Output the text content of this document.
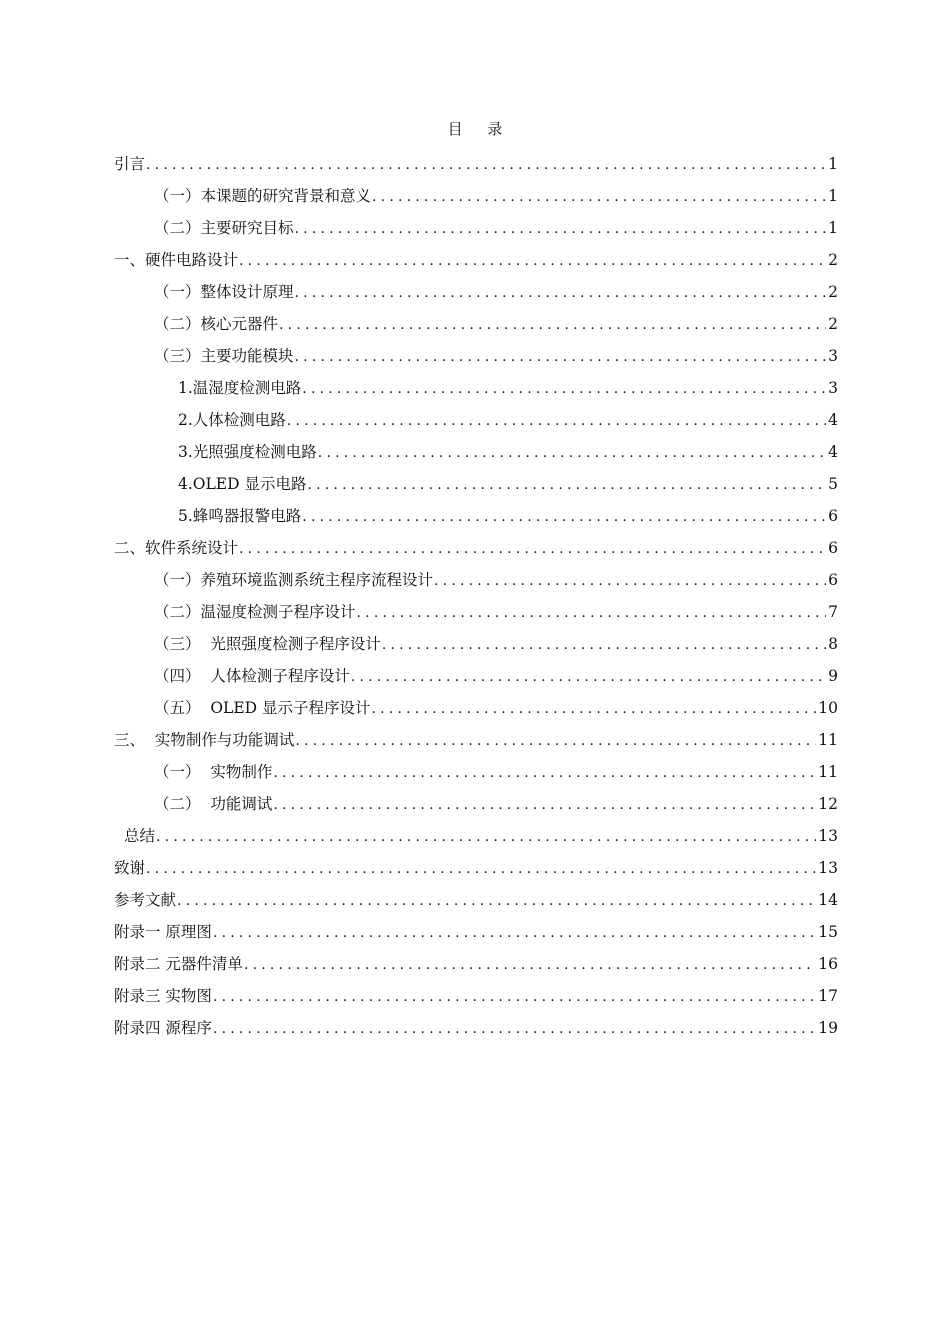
目 录
引言 .....	1
（一）本课题的研究背景和意义 .....	1
（二）主要研究目标 .....	1
一、硬件电路设计 .....	2
（一）整体设计原理 .....	2
（二）核心元器件 .....	2
（三）主要功能模块 .....	3
1.温湿度检测电路 .....	3
2.人体检测电路 .....	4
3.光照强度检测电路 .....	4
4.OLED 显示电路 .....	5
5.蜂鸣器报警电路 .....	6
二、软件系统设计 .....	6
（一）养殖环境监测系统主程序流程设计 .....	6
（二）温湿度检测子程序设计 .....	7
（三）  光照强度检测子程序设计 .....	8
（四）  人体检测子程序设计 .....	9
（五）  OLED 显示子程序设计 .....	10
三、  实物制作与功能调试 .....	11
（一）  实物制作 .....	11
（二）  功能调试 .....	12
总结 .....	13
致谢 .....	13
参考文献 .....	14
附录一 原理图 .....	15
附录二 元器件清单 .....	16
附录三 实物图 .....	17
附录四 源程序 .....	19
